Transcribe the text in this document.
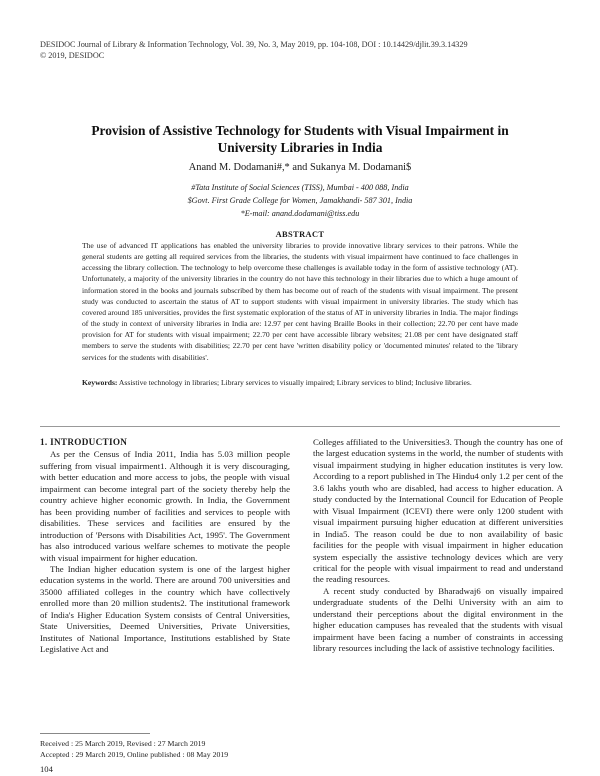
DESIDOC Journal of Library & Information Technology, Vol. 39, No. 3, May 2019, pp. 104-108, DOI : 10.14429/djlit.39.3.14329
© 2019, DESIDOC
Provision of Assistive Technology for Students with Visual Impairment in University Libraries in India
Anand M. Dodamani#,* and Sukanya M. Dodamani$
#Tata Institute of Social Sciences (TISS), Mumbai - 400 088, India
$Govt. First Grade College for Women, Jamakhandi- 587 301, India
*E-mail: anand.dodamani@tiss.edu
ABSTRACT
The use of advanced IT applications has enabled the university libraries to provide innovative library services to their patrons. While the general students are getting all required services from the libraries, the students with visual impairment have continued to face challenges in accessing the library collection. The technology to help overcome these challenges is available today in the form of assistive technology (AT). Unfortunately, a majority of the university libraries in the country do not have this technology in their libraries due to which a huge amount of information stored in the books and journals subscribed by them has become out of reach of the students with visual impairment. The present study was conducted to ascertain the status of AT to support students with visual impairment in university libraries. The study which has covered around 185 universities, provides the first systematic exploration of the status of AT in university libraries in India. The major findings of the study in context of university libraries in India are: 12.97 per cent having Braille Books in their collection; 22.70 per cent have made provision for AT for students with visual impairment; 22.70 per cent have accessible library websites; 21.08 per cent have designated staff members to serve the students with disabilities; 22.70 per cent have 'written disability policy or 'documented minutes' related to the 'library services for the students with disabilities'.
Keywords: Assistive technology in libraries; Library services to visually impaired; Library services to blind; Inclusive libraries.
1. INTRODUCTION

As per the Census of India 2011, India has 5.03 million people suffering from visual impairment1. Although it is very discouraging, with better education and more access to jobs, the people with visual impairment can become integral part of the society thereby help the country achieve higher economic growth. In India, the Government has been providing number of facilities and services to people with disabilities. These services and facilities are ensured by the introduction of 'Persons with Disabilities Act, 1995'. The Government has also introduced various welfare schemes to motivate the people with visual impairment for higher education.

The Indian higher education system is one of the largest higher education systems in the world. There are around 700 universities and 35000 affiliated colleges in the country which have collectively enrolled more than 20 million students2. The institutional framework of India's Higher Education System consists of Central Universities, State Universities, Deemed Universities, Private Universities, Institutes of National Importance, Institutions established by State Legislative Act and

Colleges affiliated to the Universities3. Though the country has one of the largest education systems in the world, the number of students with visual impairment studying in higher education institutes is very low. According to a report published in The Hindu4 only 1.2 per cent of the 3.6 lakhs youth who are disabled, had access to higher education. A study conducted by the International Council for Education of People with Visual Impairment (ICEVI) there were only 1200 student with visual impairment pursuing higher education at different universities in India5. The reason could be due to non availability of basic facilities for the people with visual impairment in higher education system especially the assistive technology devices which are very critical for the people with visual impairment to read and understand the reading resources.

A recent study conducted by Bharadwaj6 on visually impaired undergraduate students of the Delhi University with an aim to understand their perceptions about the digital environment in the higher education campuses has revealed that the students with visual impairment have been facing a number of constraints in accessing library resources including the lack of assistive technology facilities.

Received : 25 March 2019, Revised : 27 March 2019
Accepted : 29 March 2019, Online published : 08 May 2019
104
